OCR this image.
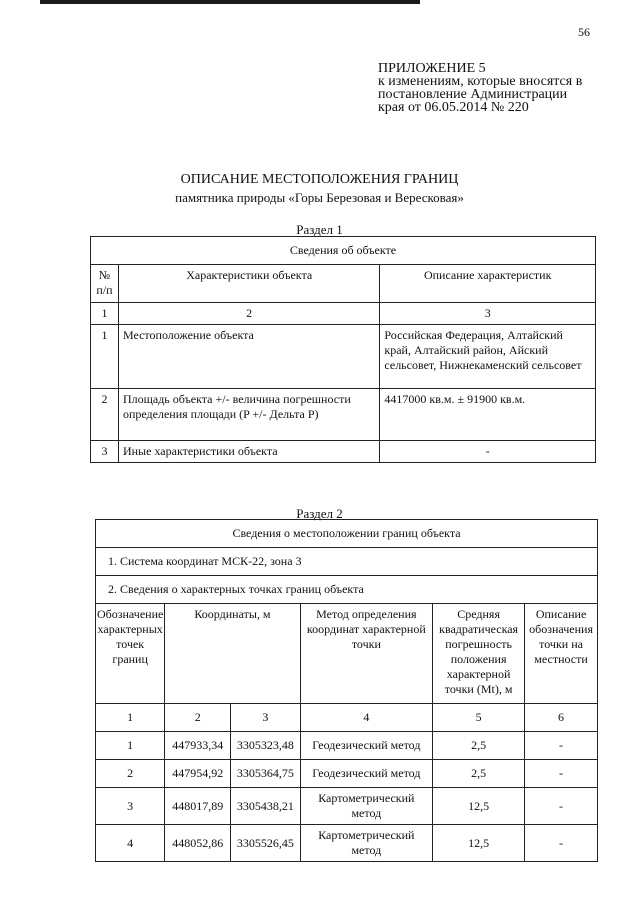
56
ПРИЛОЖЕНИЕ 5
к изменениям, которые вносятся в
постановление Администрации
края от 06.05.2014 № 220
ОПИСАНИЕ МЕСТОПОЛОЖЕНИЯ ГРАНИЦ
памятника природы «Горы Березовая и Вересковая»
Раздел 1
Сведения об объекте		
№ п/п	Характеристики объекта	Описание характеристик
1	2	3
1	Местоположение объекта	Российская Федерация, Алтайский край, Алтайский район, Айский сельсовет, Нижнекаменский сельсовет
2	Площадь объекта +/- величина погрешности определения площади (P +/- Дельта P)	4417000 кв.м. ± 91900 кв.м.
3	Иные характеристики объекта	-
Раздел 2
Сведения о местоположении границ объекта					
1. Система координат МСК-22, зона 3					
2. Сведения о характерных точках границ объекта					
Обозначение характерных точек границ	Координаты, м		Метод определения координат характерной точки	Средняя квадратическая погрешность положения характерной точки (Mt), м	Описание обозначения точки на местности
1	2	3	4	5	6
1	447933,34	3305323,48	Геодезический метод	2,5	-
2	447954,92	3305364,75	Геодезический метод	2,5	-
3	448017,89	3305438,21	Картометрический метод	12,5	-
4	448052,86	3305526,45	Картометрический метод	12,5	-
